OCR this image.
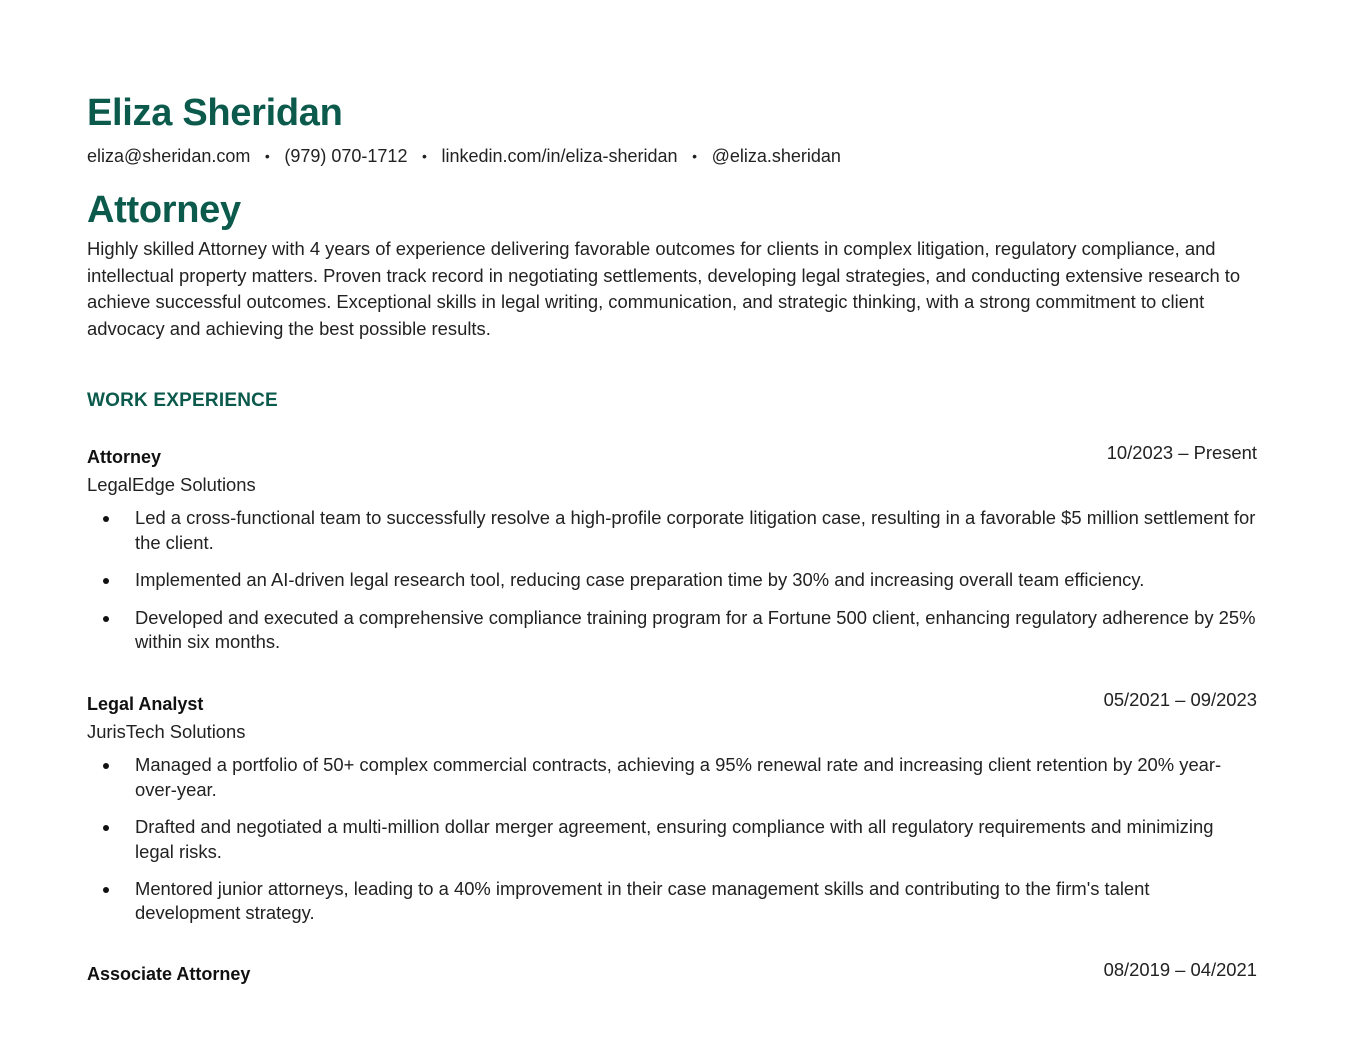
Eliza Sheridan
eliza@sheridan.com	• (979) 070-1712	• linkedin.com/in/eliza-sheridan	• @eliza.sheridan
Attorney
Highly skilled Attorney with 4 years of experience delivering favorable outcomes for clients in complex litigation, regulatory compliance, and intellectual property matters. Proven track record in negotiating settlements, developing legal strategies, and conducting extensive research to achieve successful outcomes. Exceptional skills in legal writing, communication, and strategic thinking, with a strong commitment to client advocacy and achieving the best possible results.
WORK EXPERIENCE
Attorney	10/2023 – Present
LegalEdge Solutions
Led a cross-functional team to successfully resolve a high-profile corporate litigation case, resulting in a favorable $5 million settlement for the client.
Implemented an AI-driven legal research tool, reducing case preparation time by 30% and increasing overall team efficiency.
Developed and executed a comprehensive compliance training program for a Fortune 500 client, enhancing regulatory adherence by 25% within six months.
Legal Analyst	05/2021 – 09/2023
JurisTech Solutions
Managed a portfolio of 50+ complex commercial contracts, achieving a 95% renewal rate and increasing client retention by 20% year-over-year.
Drafted and negotiated a multi-million dollar merger agreement, ensuring compliance with all regulatory requirements and minimizing legal risks.
Mentored junior attorneys, leading to a 40% improvement in their case management skills and contributing to the firm's talent development strategy.
Associate Attorney	08/2019 – 04/2021
